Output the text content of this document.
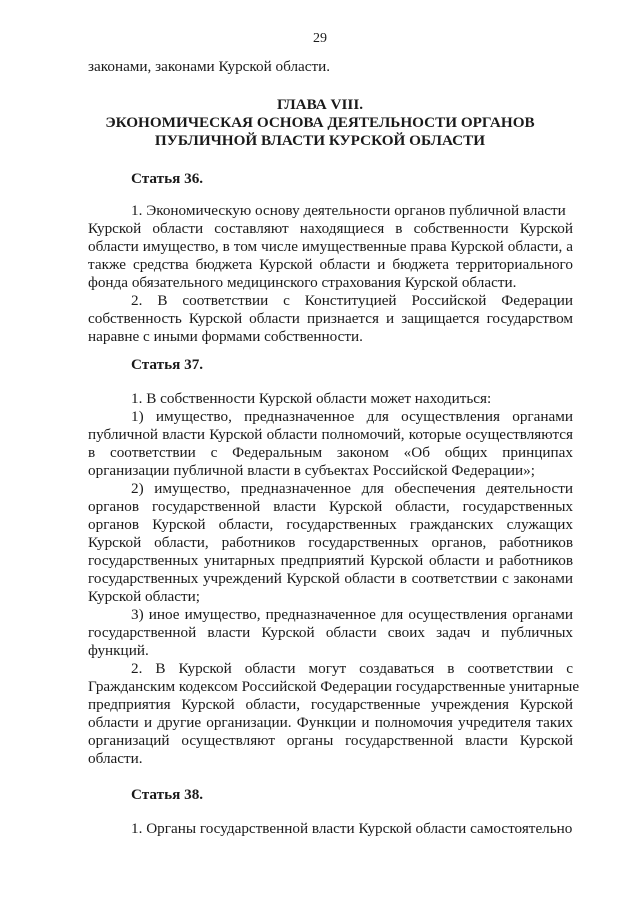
29
законами, законами Курской области.
ГЛАВА VIII.
ЭКОНОМИЧЕСКАЯ ОСНОВА ДЕЯТЕЛЬНОСТИ ОРГАНОВ
ПУБЛИЧНОЙ ВЛАСТИ КУРСКОЙ ОБЛАСТИ
Статья 36.
1. Экономическую основу деятельности органов публичной власти
Курской области составляют находящиеся в собственности Курской
области имущество, в том числе имущественные права Курской области, а
также средства бюджета Курской области и бюджета территориального
фонда обязательного медицинского страхования Курской области.
2. В соответствии с Конституцией Российской Федерации
собственность Курской области признается и защищается государством
наравне с иными формами собственности.
Статья 37.
1. В собственности Курской области может находиться:
1) имущество, предназначенное для осуществления органами
публичной власти Курской области полномочий, которые осуществляются
в соответствии с Федеральным законом «Об общих принципах
организации публичной власти в субъектах Российской Федерации»;
2) имущество, предназначенное для обеспечения деятельности
органов государственной власти Курской области, государственных
органов Курской области, государственных гражданских служащих
Курской области, работников государственных органов, работников
государственных унитарных предприятий Курской области и работников
государственных учреждений Курской области в соответствии с законами
Курской области;
3) иное имущество, предназначенное для осуществления органами
государственной власти Курской области своих задач и публичных
функций.
2. В Курской области могут создаваться в соответствии с
Гражданским кодексом Российской Федерации государственные унитарные
предприятия Курской области, государственные учреждения Курской
области и другие организации. Функции и полномочия учредителя таких
организаций осуществляют органы государственной власти Курской
области.
Статья 38.
1. Органы государственной власти Курской области самостоятельно
